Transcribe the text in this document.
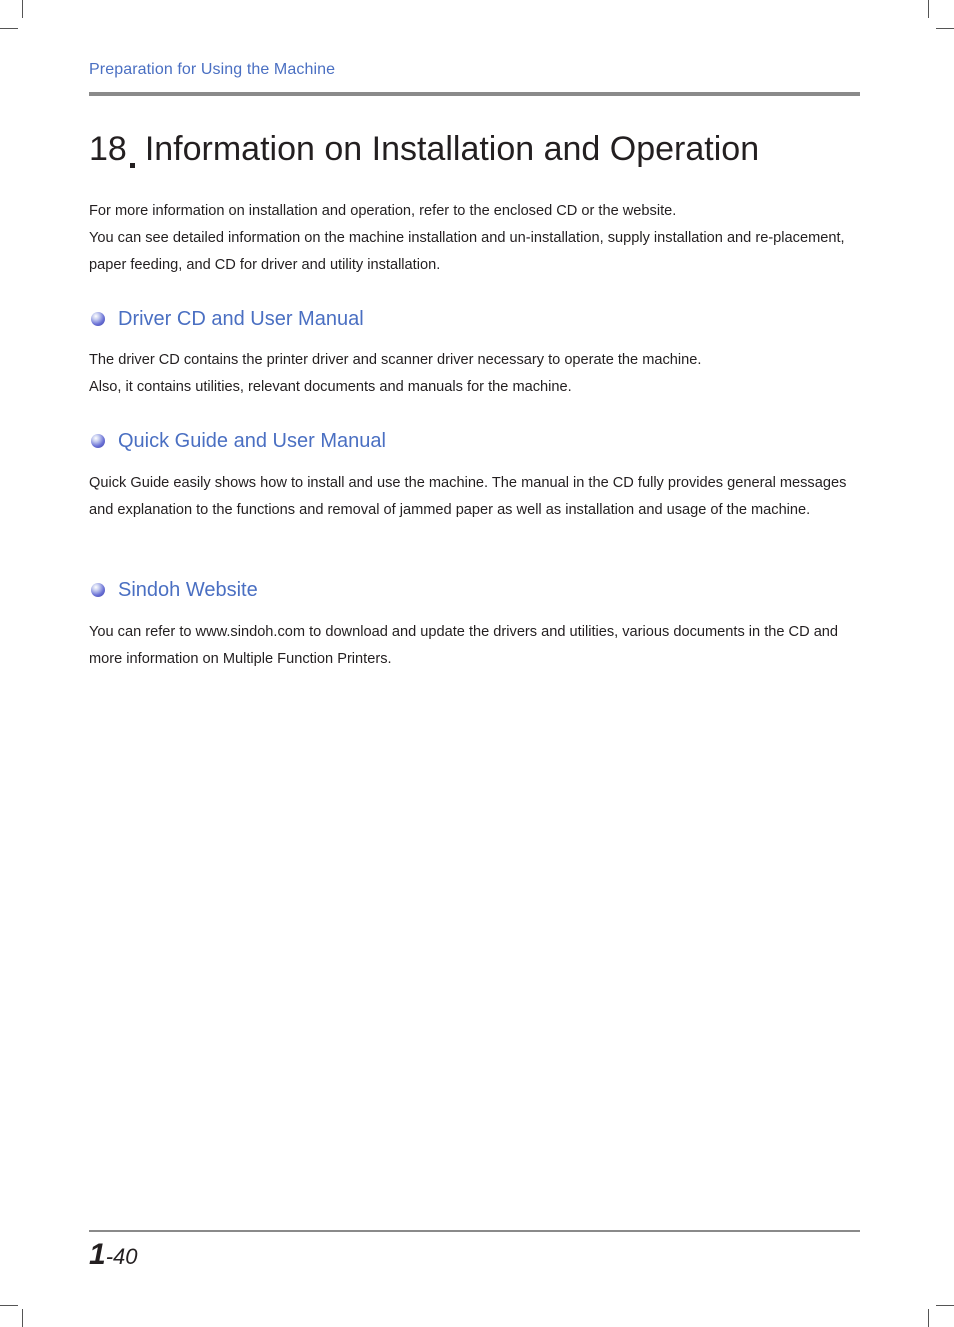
Preparation for Using the Machine
18 Information on Installation and Operation

For more information on installation and operation, refer to the enclosed CD or the website.

You can see detailed information on the machine installation and un-installation, supply installation and re-placement, paper feeding, and CD for driver and utility installation.

Driver CD and User Manual

The driver CD contains the printer driver and scanner driver necessary to operate the machine.

Also, it contains utilities, relevant documents and manuals for the machine.

Quick Guide and User Manual

Quick Guide easily shows how to install and use the machine. The manual in the CD fully provides general messages and explanation to the functions and removal of jammed paper as well as installation and usage of the machine.

Sindoh Website

You can refer to www.sindoh.com to download and update the drivers and utilities, various documents in the CD and more information on Multiple Function Printers.

1-40
